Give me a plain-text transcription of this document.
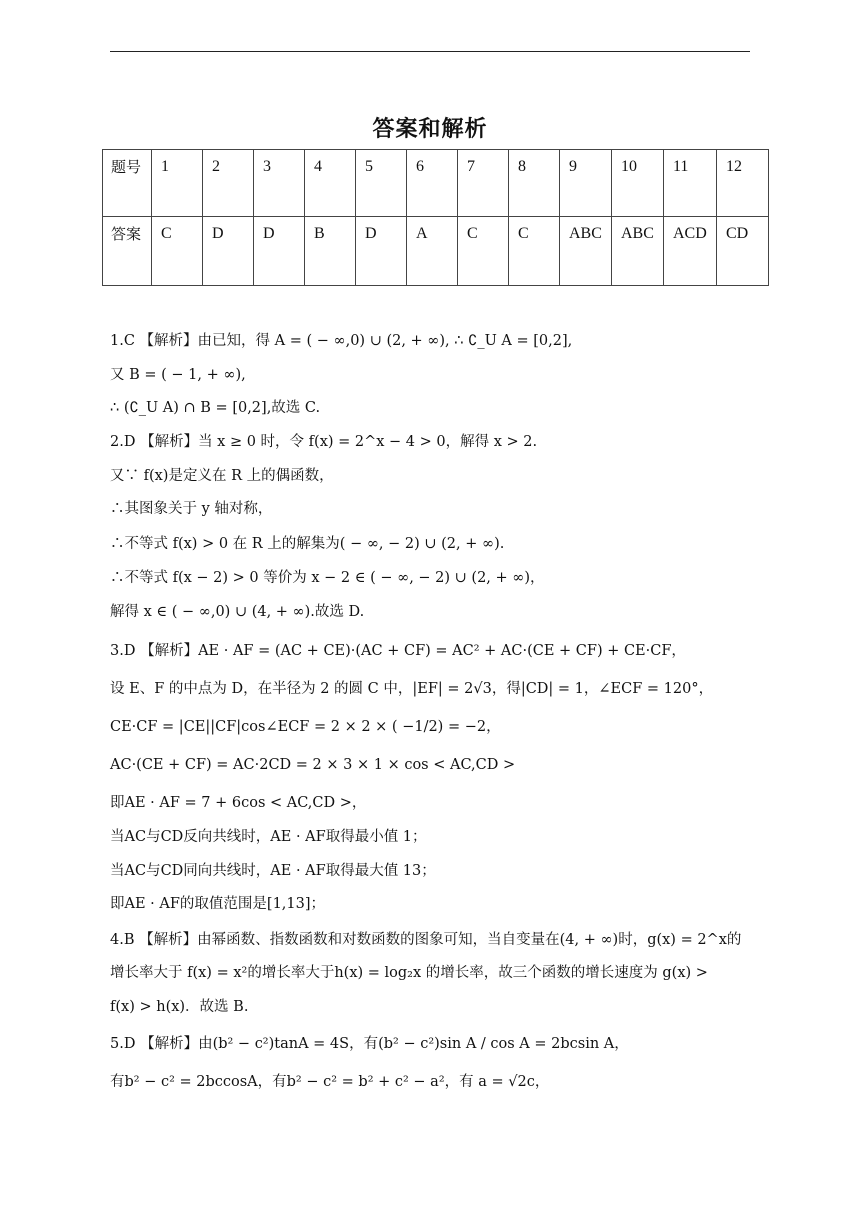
答案和解析
题号	1	2	3	4	5	6	7	8	9	10	11	12
答案	C	D	D	B	D	A	C	C	ABC	ABC	ACD	CD
1.C 【解析】由已知，得 A = ( − ∞,0) ∪ (2, + ∞), ∴ ∁_U A = [0,2],
又 B = ( − 1, + ∞),
∴ (∁_U A) ∩ B = [0,2],故选 C.
2.D 【解析】当 x ≥ 0 时，令 f(x) = 2^x − 4 > 0，解得 x > 2.
又∵ f(x)是定义在 R 上的偶函数，
∴其图象关于 y 轴对称，
∴不等式 f(x) > 0 在 R 上的解集为( − ∞, − 2) ∪ (2, + ∞).
∴不等式 f(x − 2) > 0 等价为 x − 2 ∈ ( − ∞, − 2) ∪ (2, + ∞)，
解得 x ∈ ( − ∞,0) ∪ (4, + ∞).故选 D.
3.D 【解析】AE · AF = (AC + CE)·(AC + CF) = AC² + AC·(CE + CF) + CE·CF，
设 E、F 的中点为 D，在半径为 2 的圆 C 中，|EF| = 2√3，得|CD| = 1，∠ECF = 120°，
CE·CF = |CE||CF|cos∠ECF = 2 × 2 × ( −1/2) = −2，
AC·(CE + CF) = AC·2CD = 2 × 3 × 1 × cos < AC,CD >
即AE · AF = 7 + 6cos < AC,CD >，
当AC与CD反向共线时，AE · AF取得最小值 1；
当AC与CD同向共线时，AE · AF取得最大值 13；
即AE · AF的取值范围是[1,13]；
4.B 【解析】由幂函数、指数函数和对数函数的图象可知，当自变量在(4, + ∞)时，g(x) = 2^x的
增长率大于 f(x) = x²的增长率大于h(x) = log₂x 的增长率，故三个函数的增长速度为 g(x) >
f(x) > h(x)．故选 B.
5.D 【解析】由(b² − c²)tanA = 4S，有(b² − c²)sin A / cos A = 2bcsin A，
有b² − c² = 2bccosA，有b² − c² = b² + c² − a²，有 a = √2c，
